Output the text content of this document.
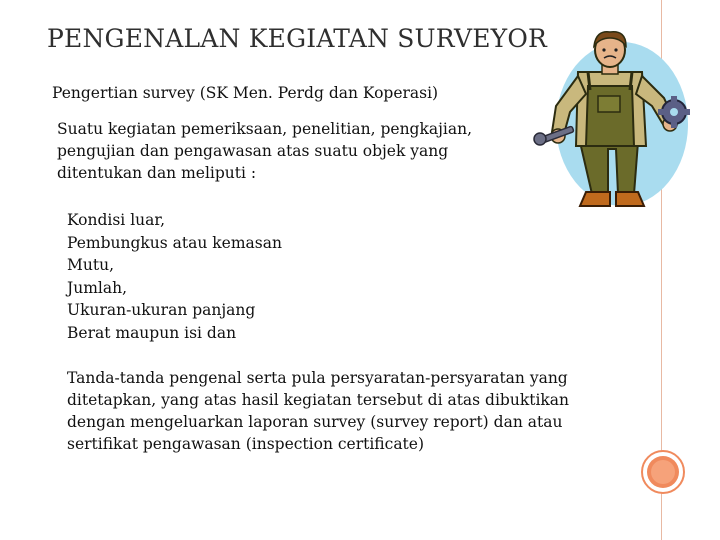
PENGENALAN KEGIATAN SURVEYOR
Pengertian survey (SK Men. Perdg dan Koperasi)
Suatu kegiatan pemeriksaan, penelitian, pengkajian, pengujian dan pengawasan atas suatu objek yang ditentukan dan meliputi :
Kondisi luar,
Pembungkus atau kemasan
Mutu,
Jumlah,
Ukuran-ukuran panjang
Berat maupun isi dan
Tanda-tanda pengenal serta pula persyaratan-persyaratan yang ditetapkan, yang atas hasil kegiatan tersebut di atas dibuktikan dengan mengeluarkan laporan survey (survey report) dan atau sertifikat pengawasan (inspection certificate)
